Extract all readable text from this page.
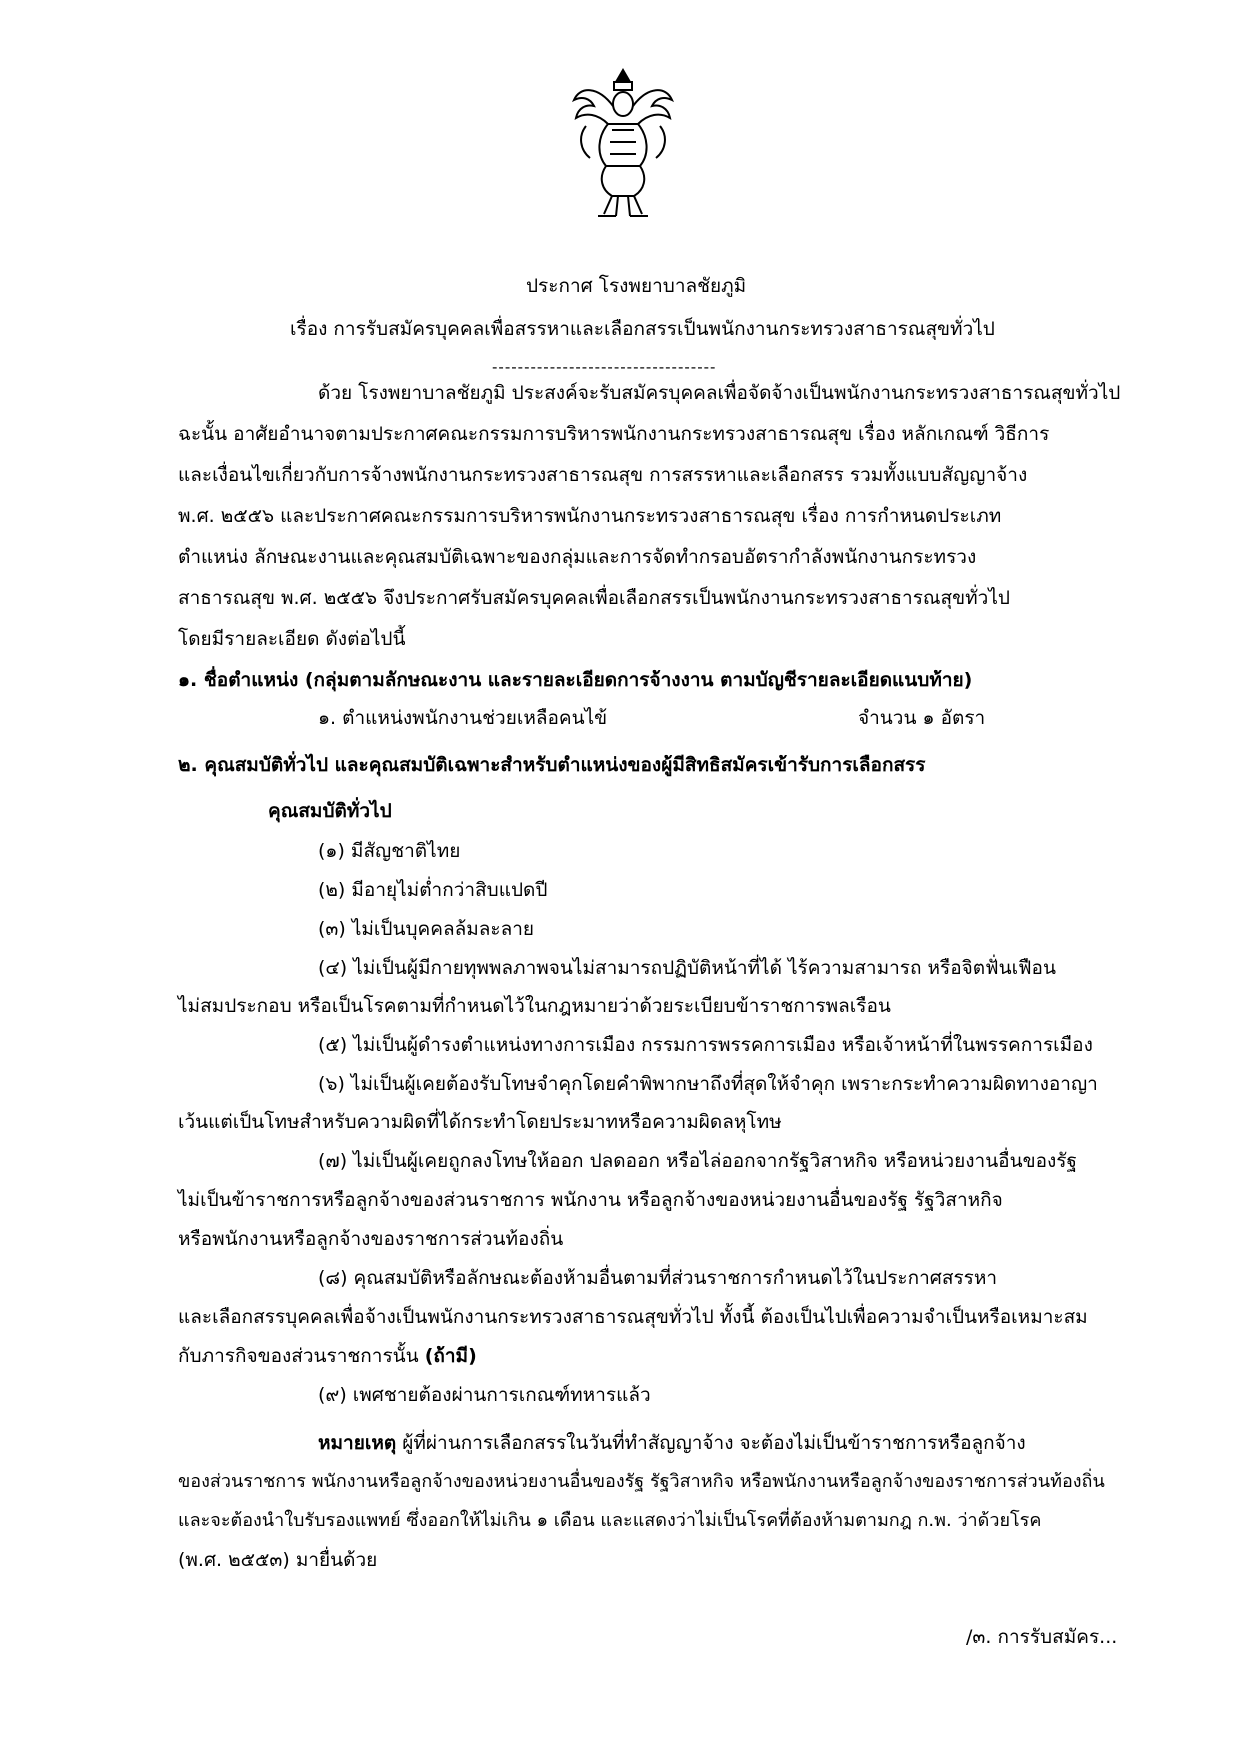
ประกาศ โรงพยาบาลชัยภูมิ
เรื่อง การรับสมัครบุคคลเพื่อสรรหาและเลือกสรรเป็นพนักงานกระทรวงสาธารณสุขทั่วไป
-----------------------------------
ด้วย โรงพยาบาลชัยภูมิ ประสงค์จะรับสมัครบุคคลเพื่อจัดจ้างเป็นพนักงานกระทรวงสาธารณสุขทั่วไป
ฉะนั้น อาศัยอำนาจตามประกาศคณะกรรมการบริหารพนักงานกระทรวงสาธารณสุข เรื่อง หลักเกณฑ์ วิธีการ
และเงื่อนไขเกี่ยวกับการจ้างพนักงานกระทรวงสาธารณสุข การสรรหาและเลือกสรร รวมทั้งแบบสัญญาจ้าง
พ.ศ. ๒๕๕๖ และประกาศคณะกรรมการบริหารพนักงานกระทรวงสาธารณสุข เรื่อง การกำหนดประเภท
ตำแหน่ง ลักษณะงานและคุณสมบัติเฉพาะของกลุ่มและการจัดทำกรอบอัตรากำลังพนักงานกระทรวง
สาธารณสุข พ.ศ. ๒๕๕๖ จึงประกาศรับสมัครบุคคลเพื่อเลือกสรรเป็นพนักงานกระทรวงสาธารณสุขทั่วไป
โดยมีรายละเอียด ดังต่อไปนี้
๑. ชื่อตำแหน่ง (กลุ่มตามลักษณะงาน และรายละเอียดการจ้างงาน ตามบัญชีรายละเอียดแนบท้าย)
๑. ตำแหน่งพนักงานช่วยเหลือคนไข้	จำนวน ๑ อัตรา
๒. คุณสมบัติทั่วไป และคุณสมบัติเฉพาะสำหรับตำแหน่งของผู้มีสิทธิสมัครเข้ารับการเลือกสรร
คุณสมบัติทั่วไป
(๑) มีสัญชาติไทย
(๒) มีอายุไม่ต่ำกว่าสิบแปดปี
(๓) ไม่เป็นบุคคลล้มละลาย
(๔) ไม่เป็นผู้มีกายทุพพลภาพจนไม่สามารถปฏิบัติหน้าที่ได้ ไร้ความสามารถ หรือจิตฟั่นเฟือน
ไม่สมประกอบ หรือเป็นโรคตามที่กำหนดไว้ในกฎหมายว่าด้วยระเบียบข้าราชการพลเรือน
(๕) ไม่เป็นผู้ดำรงตำแหน่งทางการเมือง กรรมการพรรคการเมือง หรือเจ้าหน้าที่ในพรรคการเมือง
(๖) ไม่เป็นผู้เคยต้องรับโทษจำคุกโดยคำพิพากษาถึงที่สุดให้จำคุก เพราะกระทำความผิดทางอาญา
เว้นแต่เป็นโทษสำหรับความผิดที่ได้กระทำโดยประมาทหรือความผิดลหุโทษ
(๗) ไม่เป็นผู้เคยถูกลงโทษให้ออก ปลดออก หรือไล่ออกจากรัฐวิสาหกิจ หรือหน่วยงานอื่นของรัฐ
ไม่เป็นข้าราชการหรือลูกจ้างของส่วนราชการ พนักงาน หรือลูกจ้างของหน่วยงานอื่นของรัฐ รัฐวิสาหกิจ
หรือพนักงานหรือลูกจ้างของราชการส่วนท้องถิ่น
(๘) คุณสมบัติหรือลักษณะต้องห้ามอื่นตามที่ส่วนราชการกำหนดไว้ในประกาศสรรหา
และเลือกสรรบุคคลเพื่อจ้างเป็นพนักงานกระทรวงสาธารณสุขทั่วไป ทั้งนี้ ต้องเป็นไปเพื่อความจำเป็นหรือเหมาะสม
กับภารกิจของส่วนราชการนั้น (ถ้ามี)
(๙) เพศชายต้องผ่านการเกณฑ์ทหารแล้ว
หมายเหตุ ผู้ที่ผ่านการเลือกสรรในวันที่ทำสัญญาจ้าง จะต้องไม่เป็นข้าราชการหรือลูกจ้าง
ของส่วนราชการ พนักงานหรือลูกจ้างของหน่วยงานอื่นของรัฐ รัฐวิสาหกิจ หรือพนักงานหรือลูกจ้างของราชการส่วนท้องถิ่น
และจะต้องนำใบรับรองแพทย์ ซึ่งออกให้ไม่เกิน ๑ เดือน และแสดงว่าไม่เป็นโรคที่ต้องห้ามตามกฎ ก.พ. ว่าด้วยโรค
(พ.ศ. ๒๕๕๓) มายื่นด้วย
/๓. การรับสมัคร...
